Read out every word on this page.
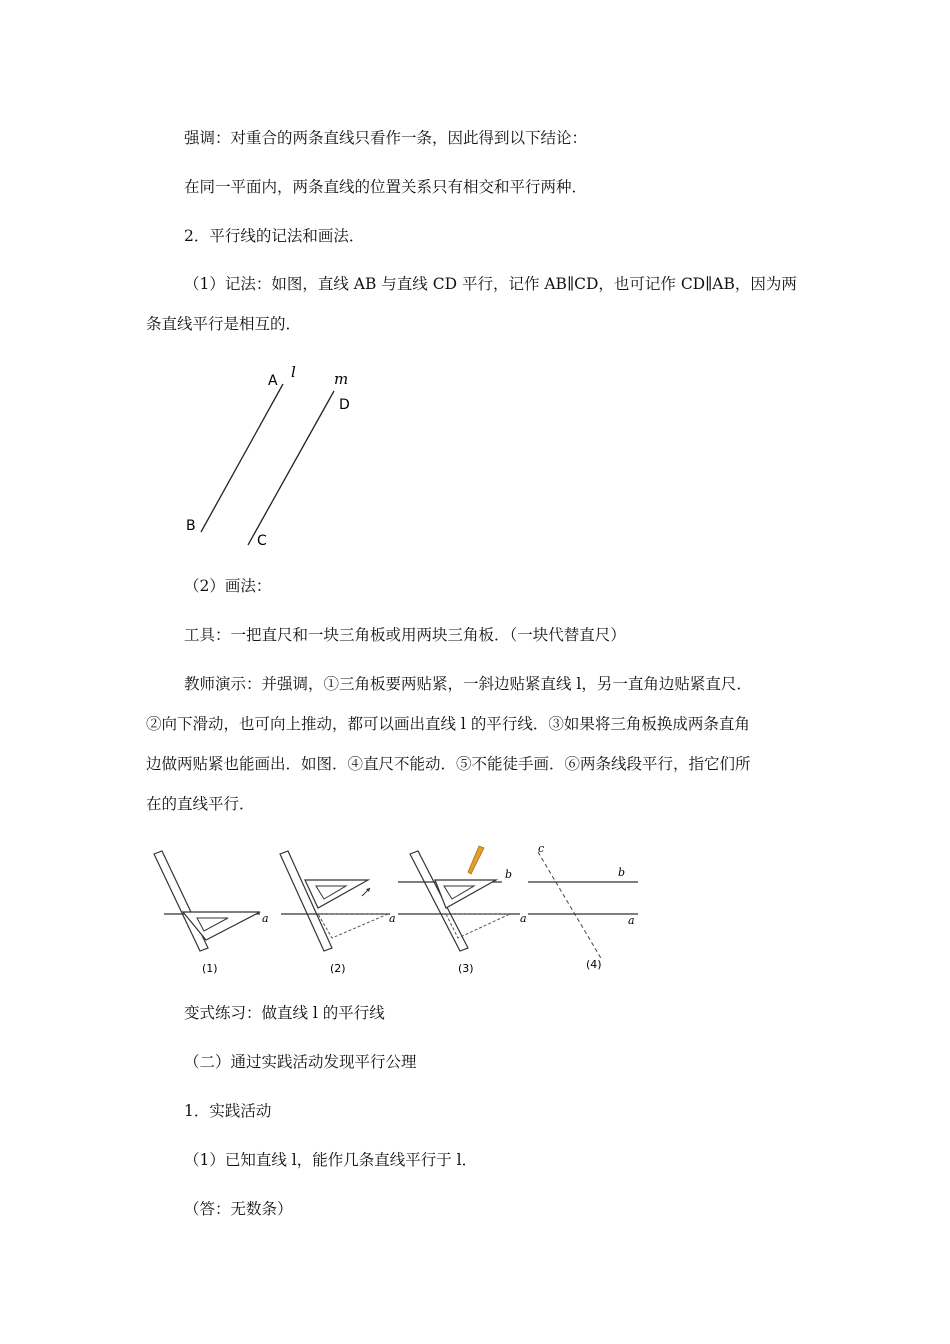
强调：对重合的两条直线只看作一条，因此得到以下结论：
在同一平面内，两条直线的位置关系只有相交和平行两种．
2．平行线的记法和画法．
（1）记法：如图，直线 AB 与直线 CD 平行，记作 AB∥CD，也可记作 CD∥AB，因为两
条直线平行是相互的．
A l	m
D
B
C
（2）画法：
工具：一把直尺和一块三角板或用两块三角板．（一块代替直尺）
教师演示：并强调，①三角板要两贴紧，一斜边贴紧直线 l，另一直角边贴紧直尺．
②向下滑动，也可向上推动，都可以画出直线 l 的平行线．③如果将三角板换成两条直角
边做两贴紧也能画出．如图．④直尺不能动．⑤不能徒手画．⑥两条线段平行，指它们所
在的直线平行．
a
(1)
a
(2)
b
a
(3)
c
b
a
(4)
变式练习：做直线 l 的平行线
（二）通过实践活动发现平行公理
1．实践活动
（1）已知直线 l，能作几条直线平行于 l．
（答：无数条）
